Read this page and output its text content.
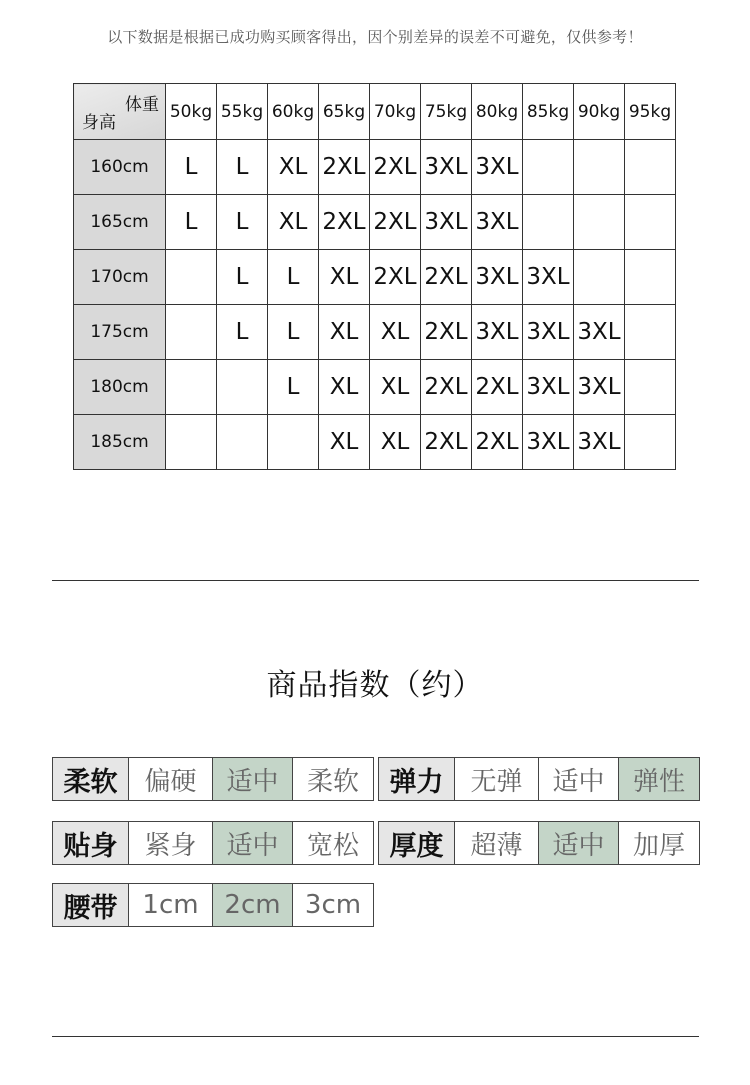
以下数据是根据已成功购买顾客得出，因个别差异的误差不可避免，仅供参考！
体重
身高	50kg	55kg	60kg	65kg	70kg	75kg	80kg	85kg	90kg	95kg
160cm	L	L	XL	2XL	2XL	3XL	3XL			
165cm	L	L	XL	2XL	2XL	3XL	3XL			
170cm		L	L	XL	2XL	2XL	3XL	3XL		
175cm		L	L	XL	XL	2XL	3XL	3XL	3XL	
180cm			L	XL	XL	2XL	2XL	3XL	3XL	
185cm				XL	XL	2XL	2XL	3XL	3XL	
商品指数（约）
柔软	偏硬	适中	柔软	弹力	无弹	适中	弹性
贴身	紧身	适中	宽松	厚度	超薄	适中	加厚
腰带 1cm 2cm 3cm
